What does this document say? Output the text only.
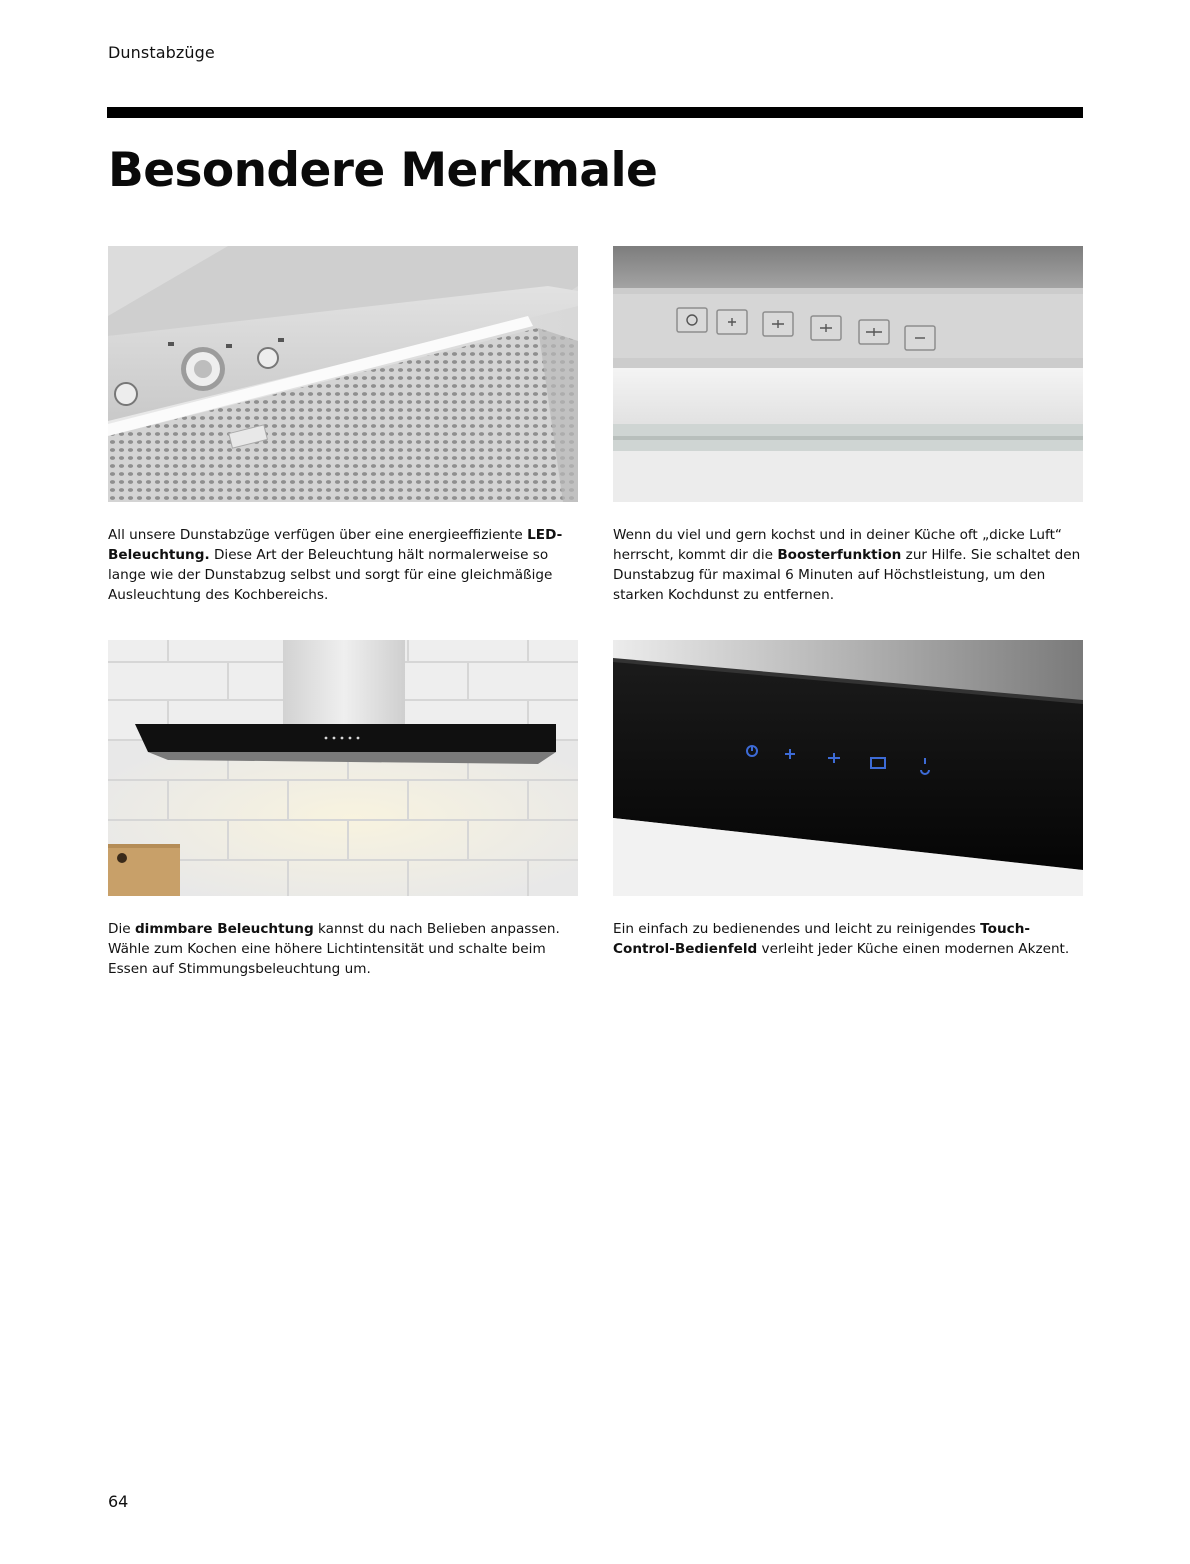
Dunstabzüge
Besondere Merkmale

All unsere Dunstabzüge verfügen über eine energieeffiziente LED-Beleuchtung. Diese Art der Beleuchtung hält normalerweise so lange wie der Dunstabzug selbst und sorgt für eine gleichmäßige Ausleuchtung des Kochbereichs.

Wenn du viel und gern kochst und in deiner Küche oft „dicke Luft“ herrscht, kommt dir die Boosterfunktion zur Hilfe. Sie schaltet den Dunstabzug für maximal 6 Minuten auf Höchstleistung, um den starken Kochdunst zu entfernen.

Die dimmbare Beleuchtung kannst du nach Belieben anpassen. Wähle zum Kochen eine höhere Lichtintensität und schalte beim Essen auf Stimmungsbeleuchtung um.

Ein einfach zu bedienendes und leicht zu reinigendes Touch-Control-Bedienfeld verleiht jeder Küche einen modernen Akzent.

64
